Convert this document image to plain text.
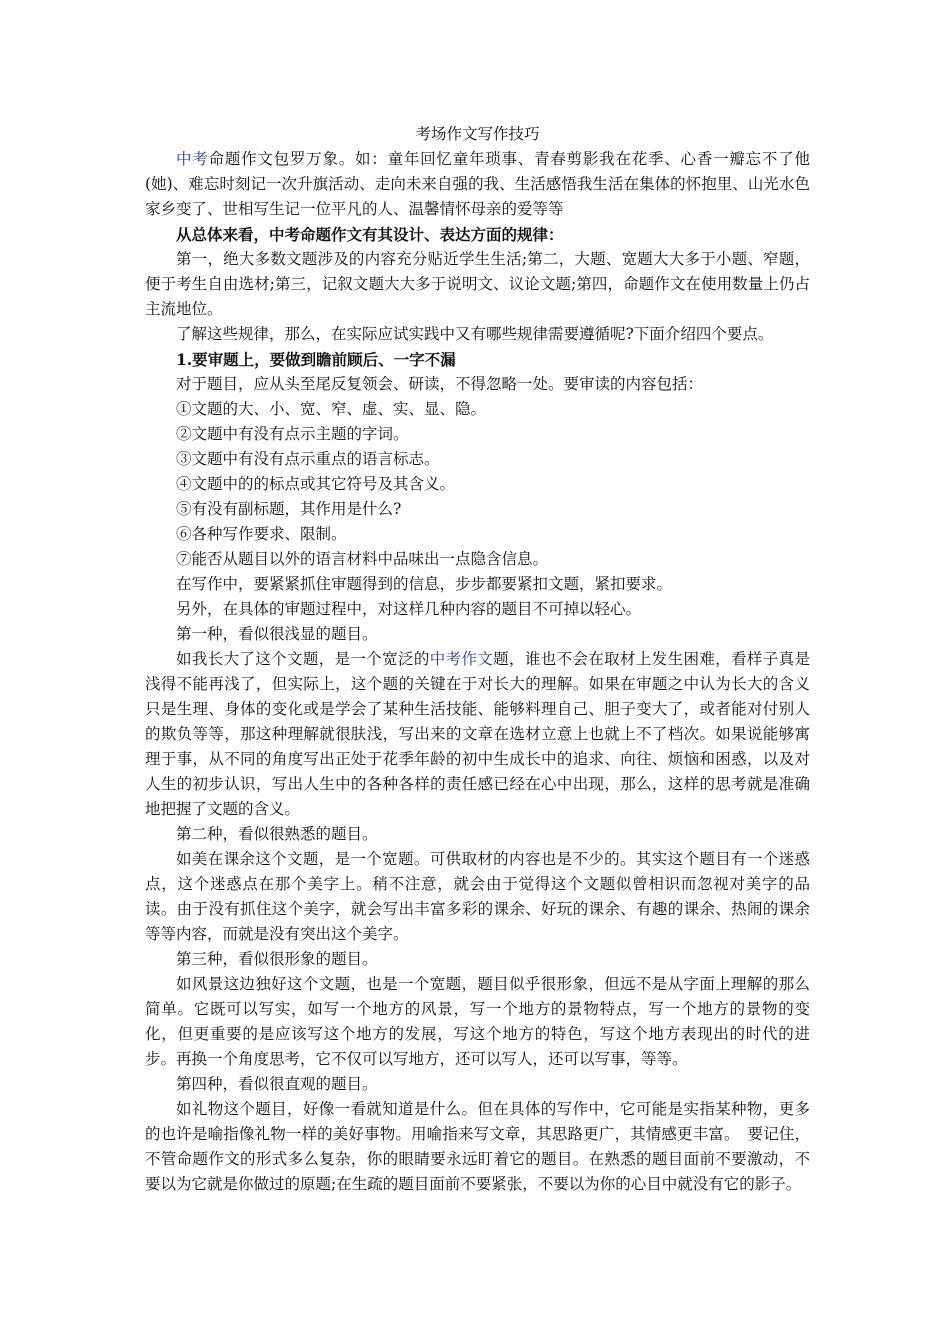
考场作文写作技巧

中考命题作文包罗万象。如：童年回忆童年琐事、青春剪影我在花季、心香一瓣忘不了他(她)、难忘时刻记一次升旗活动、走向未来自强的我、生活感悟我生活在集体的怀抱里、山光水色家乡变了、世相写生记一位平凡的人、温馨情怀母亲的爱等等

从总体来看，中考命题作文有其设计、表达方面的规律：

第一，绝大多数文题涉及的内容充分贴近学生生活;第二，大题、宽题大大多于小题、窄题，便于考生自由选材;第三，记叙文题大大多于说明文、议论文题;第四，命题作文在使用数量上仍占主流地位。

了解这些规律，那么，在实际应试实践中又有哪些规律需要遵循呢?下面介绍四个要点。

1.要审题上，要做到瞻前顾后、一字不漏

对于题目，应从头至尾反复领会、研读，不得忽略一处。要审读的内容包括：

①文题的大、小、宽、窄、虚、实、显、隐。

②文题中有没有点示主题的字词。

③文题中有没有点示重点的语言标志。

④文题中的的标点或其它符号及其含义。

⑤有没有副标题，其作用是什么?

⑥各种写作要求、限制。

⑦能否从题目以外的语言材料中品味出一点隐含信息。

在写作中，要紧紧抓住审题得到的信息，步步都要紧扣文题，紧扣要求。

另外，在具体的审题过程中，对这样几种内容的题目不可掉以轻心。

第一种，看似很浅显的题目。

如我长大了这个文题，是一个宽泛的中考作文题，谁也不会在取材上发生困难，看样子真是浅得不能再浅了，但实际上，这个题的关键在于对长大的理解。如果在审题之中认为长大的含义只是生理、身体的变化或是学会了某种生活技能、能够料理自己、胆子变大了，或者能对付别人的欺负等等，那这种理解就很肤浅，写出来的文章在选材立意上也就上不了档次。如果说能够寓理于事，从不同的角度写出正处于花季年龄的初中生成长中的追求、向往、烦恼和困惑，以及对人生的初步认识，写出人生中的各种各样的责任感已经在心中出现，那么，这样的思考就是准确地把握了文题的含义。

第二种，看似很熟悉的题目。

如美在课余这个文题，是一个宽题。可供取材的内容也是不少的。其实这个题目有一个迷惑点，这个迷惑点在那个美字上。稍不注意，就会由于觉得这个文题似曾相识而忽视对美字的品读。由于没有抓住这个美字，就会写出丰富多彩的课余、好玩的课余、有趣的课余、热闹的课余等等内容，而就是没有突出这个美字。

第三种，看似很形象的题目。

如风景这边独好这个文题，也是一个宽题，题目似乎很形象，但远不是从字面上理解的那么简单。它既可以写实，如写一个地方的风景，写一个地方的景物特点，写一个地方的景物的变化，但更重要的是应该写这个地方的发展，写这个地方的特色，写这个地方表现出的时代的进步。再换一个角度思考，它不仅可以写地方，还可以写人，还可以写事，等等。

第四种，看似很直观的题目。

如礼物这个题目，好像一看就知道是什么。但在具体的写作中，它可能是实指某种物，更多的也许是喻指像礼物一样的美好事物。用喻指来写文章，其思路更广，其情感更丰富。　要记住，不管命题作文的形式多么复杂，你的眼睛要永远盯着它的题目。在熟悉的题目面前不要激动，不要以为它就是你做过的原题;在生疏的题目面前不要紧张，不要以为你的心目中就没有它的影子。
